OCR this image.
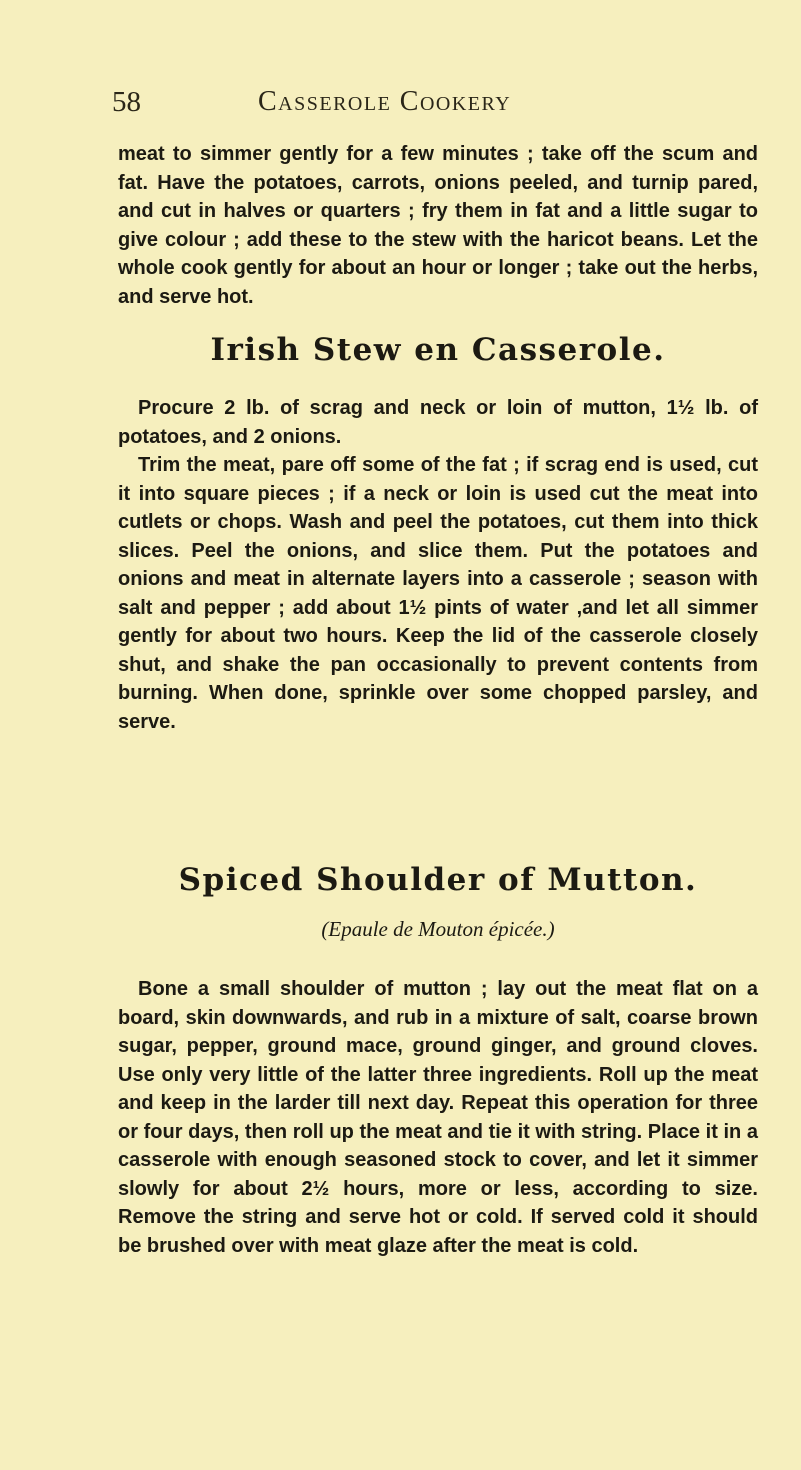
58	Casserole Cookery

meat to simmer gently for a few minutes ; take off the scum and fat. Have the potatoes, carrots, onions peeled, and turnip pared, and cut in halves or quarters ; fry them in fat and a little sugar to give colour ; add these to the stew with the haricot beans. Let the whole cook gently for about an hour or longer ; take out the herbs, and serve hot.

Irish Stew en Casserole.

Procure 2 lb. of scrag and neck or loin of mutton, 1½ lb. of potatoes, and 2 onions.

Trim the meat, pare off some of the fat ; if scrag end is used, cut it into square pieces ; if a neck or loin is used cut the meat into cutlets or chops. Wash and peel the potatoes, cut them into thick slices. Peel the onions, and slice them. Put the potatoes and onions and meat in alternate layers into a casserole ; season with salt and pepper ; add about 1½ pints of water ,and let all simmer gently for about two hours. Keep the lid of the casserole closely shut, and shake the pan occasionally to prevent contents from burning. When done, sprinkle over some chopped parsley, and serve.

Spiced Shoulder of Mutton.

(Epaule de Mouton épicée.)

Bone a small shoulder of mutton ; lay out the meat flat on a board, skin downwards, and rub in a mixture of salt, coarse brown sugar, pepper, ground mace, ground ginger, and ground cloves. Use only very little of the latter three ingredients. Roll up the meat and keep in the larder till next day. Repeat this operation for three or four days, then roll up the meat and tie it with string. Place it in a casserole with enough seasoned stock to cover, and let it simmer slowly for about 2½ hours, more or less, according to size. Remove the string and serve hot or cold. If served cold it should be brushed over with meat glaze after the meat is cold.
